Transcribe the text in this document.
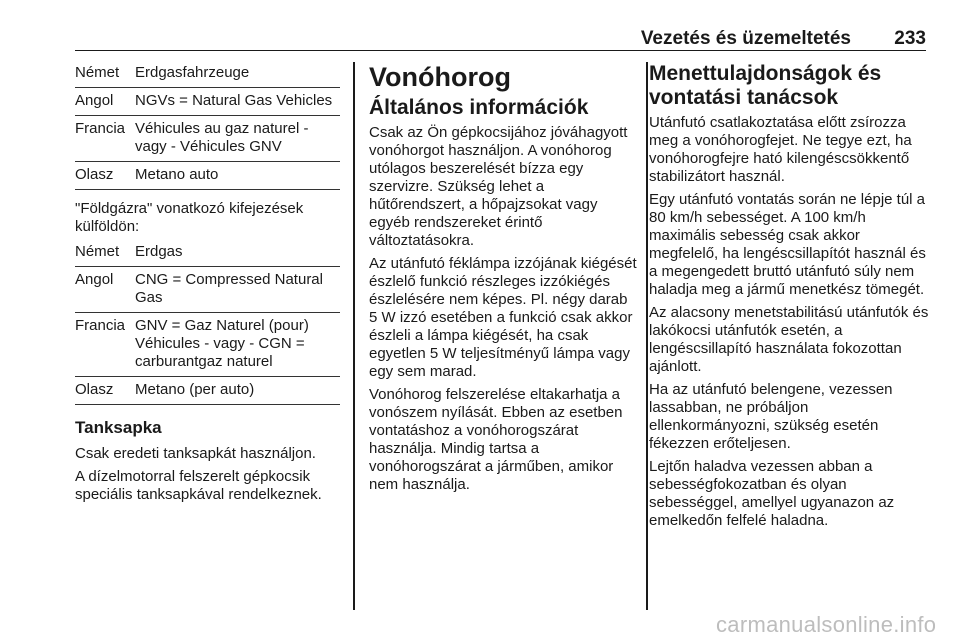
Vezetés és üzemeltetés 233
Német	Erdgasfahrzeuge
Angol	NGVs = Natural Gas Vehicles
Francia Véhicules au gaz naturel - vagy - Véhicules GNV
Olasz	Metano auto

"Földgázra" vonatkozó kifejezések külföldön:

Német	Erdgas
Angol	CNG = Compressed Natural Gas
Francia GNV = Gaz Naturel (pour) Véhicules - vagy - CGN = carburantgaz naturel
Olasz	Metano (per auto)
Tanksapka

Csak eredeti tanksapkát használjon.

A dízelmotorral felszerelt gépkocsik speciális tanksapkával rendelkeznek.

Vonóhorog
Általános információk

Csak az Ön gépkocsijához jóváhagyott vonóhorgot használjon. A vonóhorog utólagos beszerelését bízza egy szervizre. Szükség lehet a hűtőrendszert, a hőpajzsokat vagy egyéb rendszereket érintő változtatásokra.

Az utánfutó féklámpa izzójának kiégését észlelő funkció részleges izzókiégés észlelésére nem képes. Pl. négy darab 5 W izzó esetében a funkció csak akkor észleli a lámpa kiégését, ha csak egyetlen 5 W teljesítményű lámpa vagy egy sem marad.

Vonóhorog felszerelése eltakarhatja a vonószem nyílását. Ebben az esetben vontatáshoz a vonóhorogszárat használja. Mindig tartsa a vonóhorogszárat a járműben, amikor nem használja.

Menettulajdonságok és vontatási tanácsok

Utánfutó csatlakoztatása előtt zsírozza meg a vonóhorogfejet. Ne tegye ezt, ha vonóhorogfejre ható kilengéscsökkentő stabilizátort használ.

Egy utánfutó vontatás során ne lépje túl a 80 km/h sebességet. A 100 km/h maximális sebesség csak akkor megfelelő, ha lengéscsillapítót használ és a megengedett bruttó utánfutó súly nem haladja meg a jármű menetkész tömegét.

Az alacsony menetstabilitású utánfutók és lakókocsi utánfutók esetén, a lengéscsillapító használata fokozottan ajánlott.

Ha az utánfutó belengene, vezessen lassabban, ne próbáljon ellenkormányozni, szükség esetén fékezzen erőteljesen.

Lejtőn haladva vezessen abban a sebességfokozatban és olyan sebességgel, amellyel ugyanazon az emelkedőn felfelé haladna.

carmanualsonline.info
